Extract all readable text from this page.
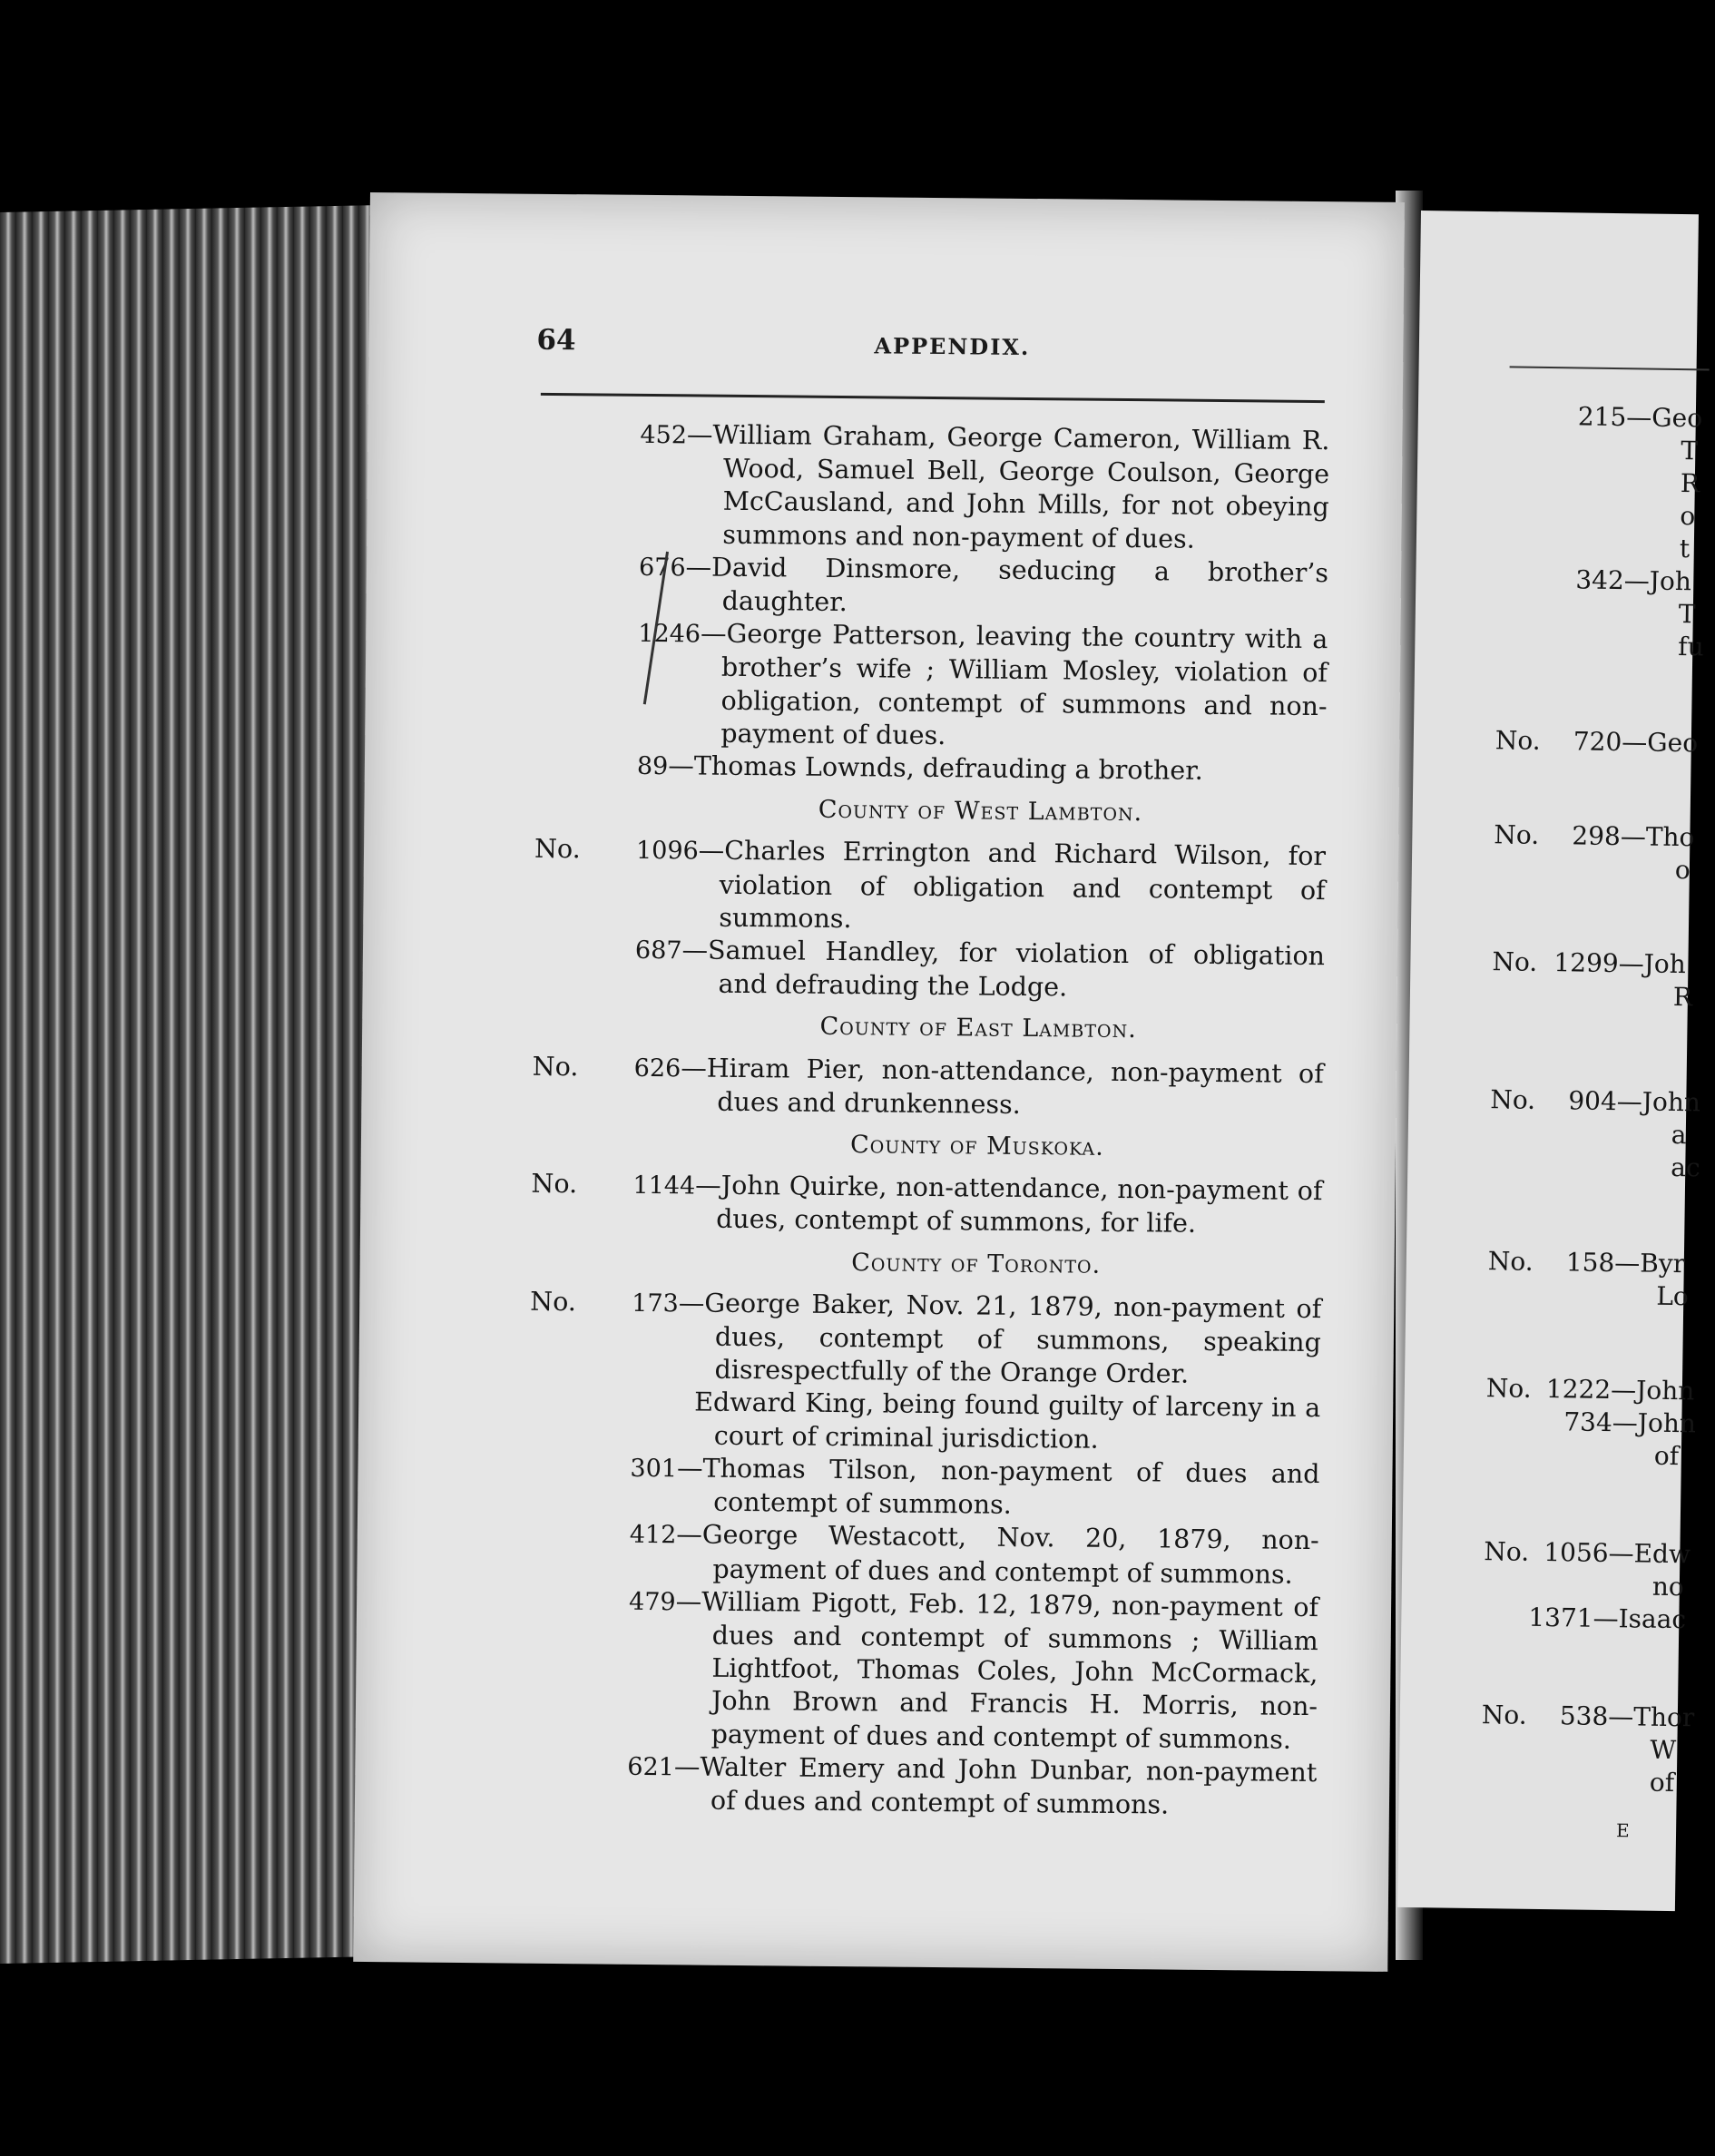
64	APPENDIX.
452—William Graham, George Cameron, William R. Wood, Samuel Bell, George Coulson, George McCausland, and John Mills, for not obeying summons and non-payment of dues.
676—David Dinsmore, seducing a brother’s daughter.
1246—George Patterson, leaving the country with a brother’s wife ; William Mosley, violation of obligation, contempt of summons and non-payment of dues.
89—Thomas Lownds, defrauding a brother.
County of West Lambton.
No. 1096—Charles Errington and Richard Wilson, for violation of obligation and contempt of summons.
687—Samuel Handley, for violation of obligation and defrauding the Lodge.
County of East Lambton.
No. 626—Hiram Pier, non-attendance, non-payment of dues and drunkenness.
County of Muskoka.
No. 1144—John Quirke, non-attendance, non-payment of dues, contempt of summons, for life.
County of Toronto.
No. 173—George Baker, Nov. 21, 1879, non-payment of dues, contempt of summons, speaking disrespectfully of the Orange Order.
Edward King, being found guilty of larceny in a court of criminal jurisdiction.
301—Thomas Tilson, non-payment of dues and contempt of summons.
412—George Westacott, Nov. 20, 1879, non-payment of dues and contempt of summons.
479—William Pigott, Feb. 12, 1879, non-payment of dues and contempt of summons ; William Lightfoot, Thomas Coles, John McCormack, John Brown and Francis H. Morris, non-payment of dues and contempt of summons.
621—Walter Emery and John Dunbar, non-payment of dues and contempt of summons.
215—Geo
T
R
o
t
342—Joh
T
fu
No. 720—Geo
No. 298—Tho
o
No. 1299—Joh
R
No. 904—John
a
ac
No. 158—Byr
Lo
No. 1222—John
734—John
of
No. 1056—Edw
no
1371—Isaac
No. 538—Thor
W
of
E
